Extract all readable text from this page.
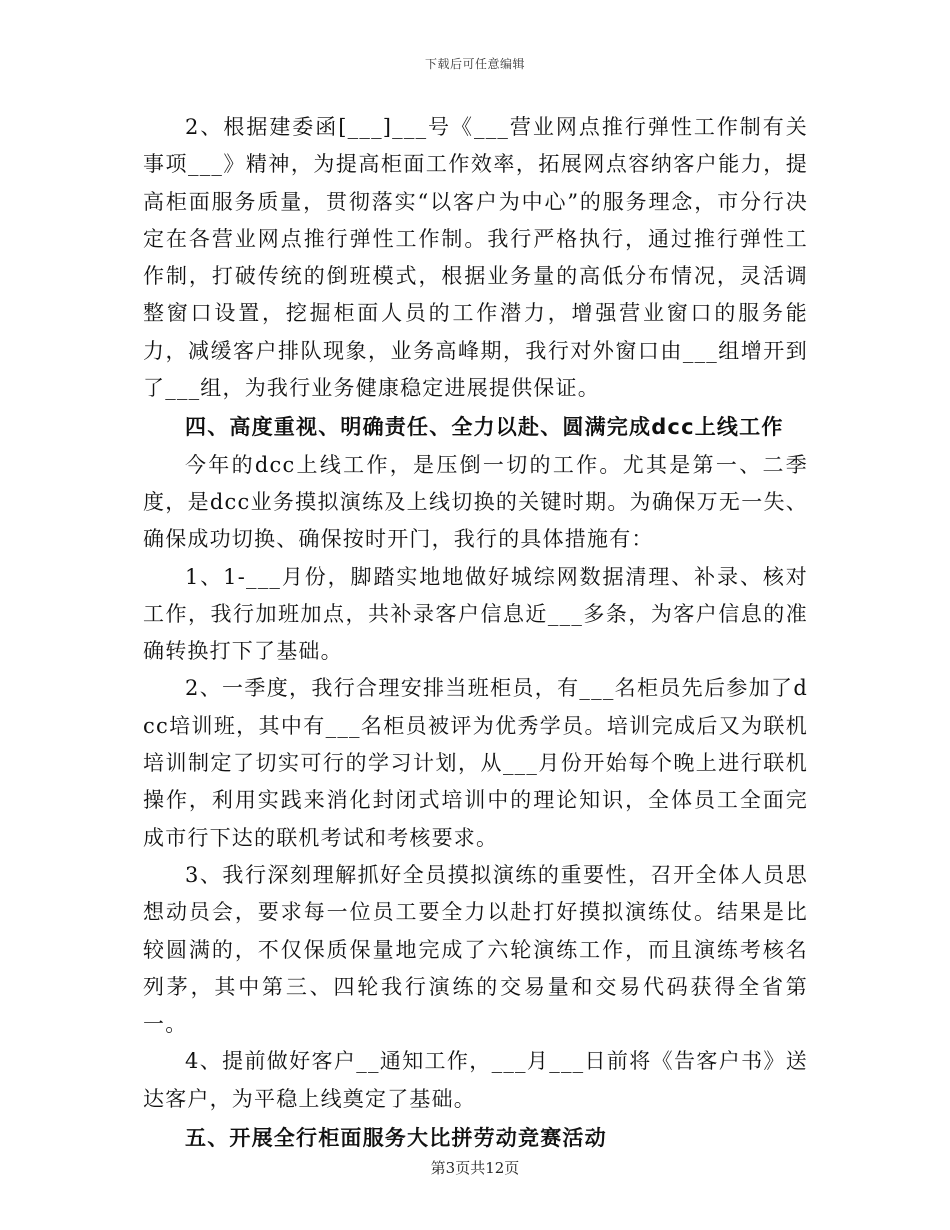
下载后可任意编辑

2、根据建委函[___]___号《___营业网点推行弹性工作制有关事项___》精神，为提高柜面工作效率，拓展网点容纳客户能力，提高柜面服务质量，贯彻落实“以客户为中心”的服务理念，市分行决定在各营业网点推行弹性工作制。我行严格执行，通过推行弹性工作制，打破传统的倒班模式，根据业务量的高低分布情况，灵活调整窗口设置，挖掘柜面人员的工作潜力，增强营业窗口的服务能力，减缓客户排队现象，业务高峰期，我行对外窗口由___组增开到了___组，为我行业务健康稳定进展提供保证。

四、高度重视、明确责任、全力以赴、圆满完成dcc上线工作

今年的dcc上线工作，是压倒一切的工作。尤其是第一、二季度，是dcc业务摸拟演练及上线切换的关键时期。为确保万无一失、确保成功切换、确保按时开门，我行的具体措施有：

1、1-___月份，脚踏实地地做好城综网数据清理、补录、核对工作，我行加班加点，共补录客户信息近___多条，为客户信息的准确转换打下了基础。

2、一季度，我行合理安排当班柜员，有___名柜员先后参加了dcc培训班，其中有___名柜员被评为优秀学员。培训完成后又为联机培训制定了切实可行的学习计划，从___月份开始每个晚上进行联机操作，利用实践来消化封闭式培训中的理论知识，全体员工全面完成市行下达的联机考试和考核要求。

3、我行深刻理解抓好全员摸拟演练的重要性，召开全体人员思想动员会，要求每一位员工要全力以赴打好摸拟演练仗。结果是比较圆满的，不仅保质保量地完成了六轮演练工作，而且演练考核名列茅，其中第三、四轮我行演练的交易量和交易代码获得全省第一。

4、提前做好客户__通知工作，___月___日前将《告客户书》送达客户，为平稳上线奠定了基础。

五、开展全行柜面服务大比拼劳动竞赛活动

第3页共12页
